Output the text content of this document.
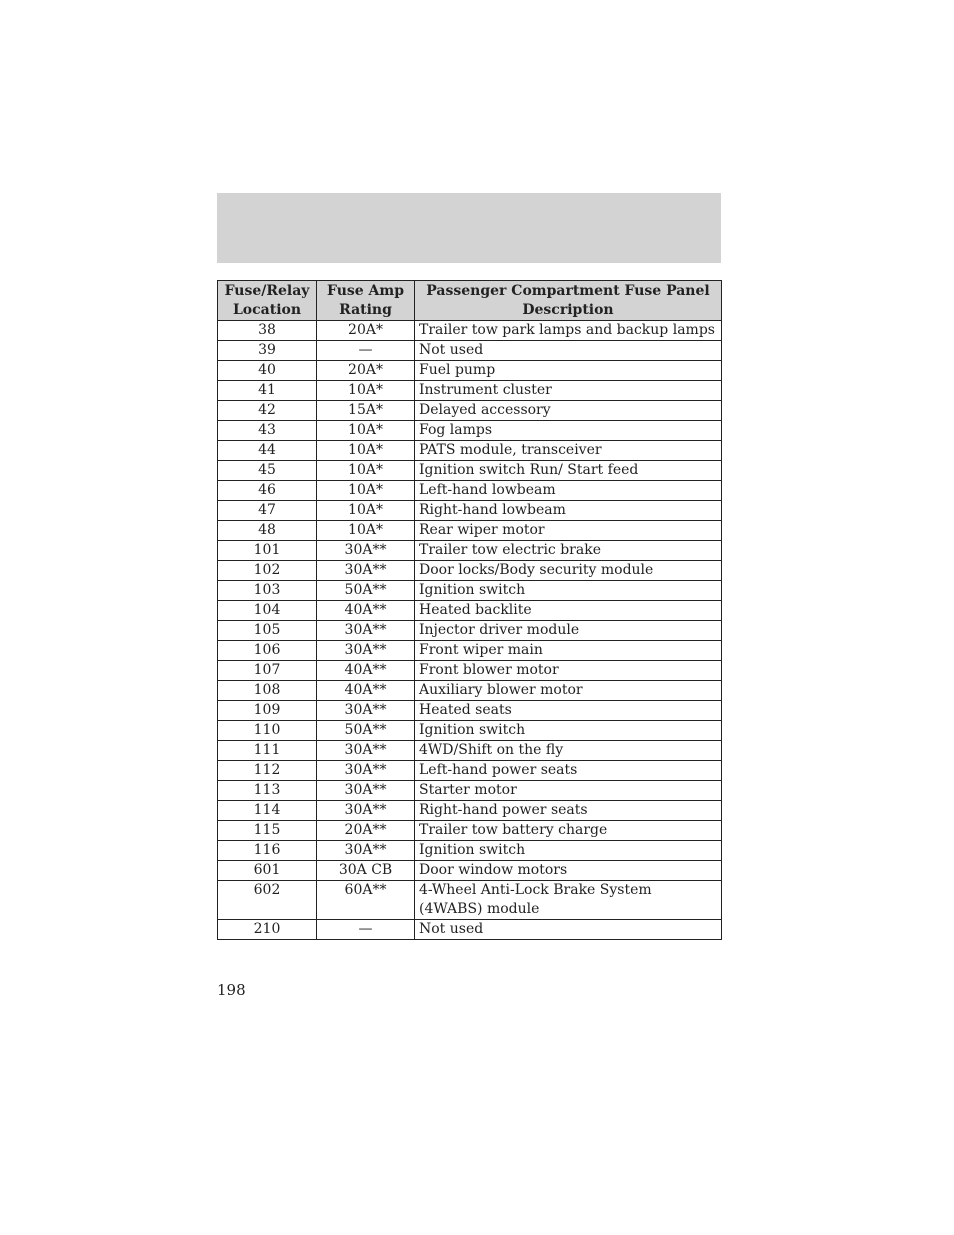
Fuse/Relay Location	Fuse Amp Rating	Passenger Compartment Fuse Panel Description
38	20A*	Trailer tow park lamps and backup lamps
39	—	Not used
40	20A*	Fuel pump
41	10A*	Instrument cluster
42	15A*	Delayed accessory
43	10A*	Fog lamps
44	10A*	PATS module, transceiver
45	10A*	Ignition switch Run/ Start feed
46	10A*	Left-hand lowbeam
47	10A*	Right-hand lowbeam
48	10A*	Rear wiper motor
101	30A**	Trailer tow electric brake
102	30A**	Door locks/Body security module
103	50A**	Ignition switch
104	40A**	Heated backlite
105	30A**	Injector driver module
106	30A**	Front wiper main
107	40A**	Front blower motor
108	40A**	Auxiliary blower motor
109	30A**	Heated seats
110	50A**	Ignition switch
111	30A**	4WD/Shift on the fly
112	30A**	Left-hand power seats
113	30A**	Starter motor
114	30A**	Right-hand power seats
115	20A**	Trailer tow battery charge
116	30A**	Ignition switch
601	30A CB	Door window motors
602	60A**	4-Wheel Anti-Lock Brake System (4WABS) module
210	—	Not used
198
